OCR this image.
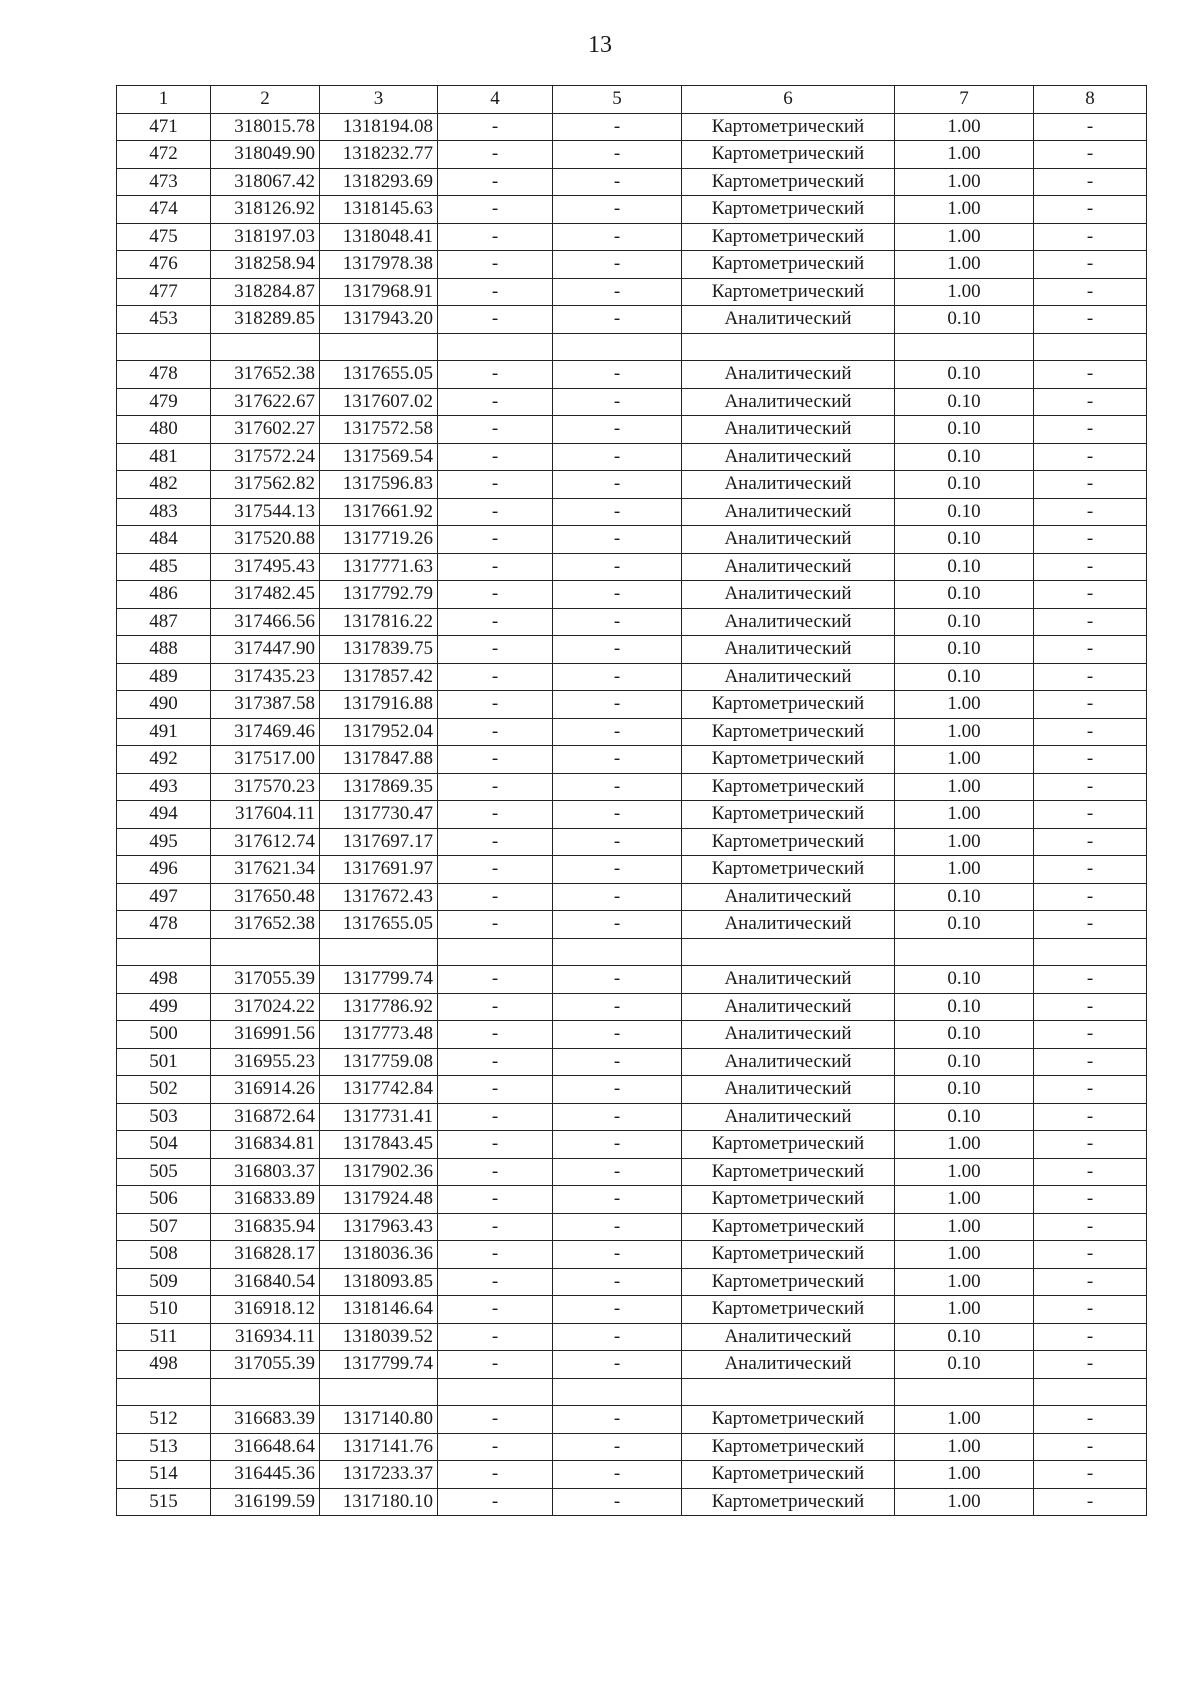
13
1	2	3	4	5	6	7	8
471	318015.78	1318194.08	-	-	Картометрический	1.00	-
472	318049.90	1318232.77	-	-	Картометрический	1.00	-
473	318067.42	1318293.69	-	-	Картометрический	1.00	-
474	318126.92	1318145.63	-	-	Картометрический	1.00	-
475	318197.03	1318048.41	-	-	Картометрический	1.00	-
476	318258.94	1317978.38	-	-	Картометрический	1.00	-
477	318284.87	1317968.91	-	-	Картометрический	1.00	-
453	318289.85	1317943.20	-	-	Аналитический	0.10	-

478	317652.38	1317655.05	-	-	Аналитический	0.10	-
479	317622.67	1317607.02	-	-	Аналитический	0.10	-
480	317602.27	1317572.58	-	-	Аналитический	0.10	-
481	317572.24	1317569.54	-	-	Аналитический	0.10	-
482	317562.82	1317596.83	-	-	Аналитический	0.10	-
483	317544.13	1317661.92	-	-	Аналитический	0.10	-
484	317520.88	1317719.26	-	-	Аналитический	0.10	-
485	317495.43	1317771.63	-	-	Аналитический	0.10	-
486	317482.45	1317792.79	-	-	Аналитический	0.10	-
487	317466.56	1317816.22	-	-	Аналитический	0.10	-
488	317447.90	1317839.75	-	-	Аналитический	0.10	-
489	317435.23	1317857.42	-	-	Аналитический	0.10	-
490	317387.58	1317916.88	-	-	Картометрический	1.00	-
491	317469.46	1317952.04	-	-	Картометрический	1.00	-
492	317517.00	1317847.88	-	-	Картометрический	1.00	-
493	317570.23	1317869.35	-	-	Картометрический	1.00	-
494	317604.11	1317730.47	-	-	Картометрический	1.00	-
495	317612.74	1317697.17	-	-	Картометрический	1.00	-
496	317621.34	1317691.97	-	-	Картометрический	1.00	-
497	317650.48	1317672.43	-	-	Аналитический	0.10	-
478	317652.38	1317655.05	-	-	Аналитический	0.10	-

498	317055.39	1317799.74	-	-	Аналитический	0.10	-
499	317024.22	1317786.92	-	-	Аналитический	0.10	-
500	316991.56	1317773.48	-	-	Аналитический	0.10	-
501	316955.23	1317759.08	-	-	Аналитический	0.10	-
502	316914.26	1317742.84	-	-	Аналитический	0.10	-
503	316872.64	1317731.41	-	-	Аналитический	0.10	-
504	316834.81	1317843.45	-	-	Картометрический	1.00	-
505	316803.37	1317902.36	-	-	Картометрический	1.00	-
506	316833.89	1317924.48	-	-	Картометрический	1.00	-
507	316835.94	1317963.43	-	-	Картометрический	1.00	-
508	316828.17	1318036.36	-	-	Картометрический	1.00	-
509	316840.54	1318093.85	-	-	Картометрический	1.00	-
510	316918.12	1318146.64	-	-	Картометрический	1.00	-
511	316934.11	1318039.52	-	-	Аналитический	0.10	-
498	317055.39	1317799.74	-	-	Аналитический	0.10	-

512	316683.39	1317140.80	-	-	Картометрический	1.00	-
513	316648.64	1317141.76	-	-	Картометрический	1.00	-
514	316445.36	1317233.37	-	-	Картометрический	1.00	-
515	316199.59	1317180.10	-	-	Картометрический	1.00	-
